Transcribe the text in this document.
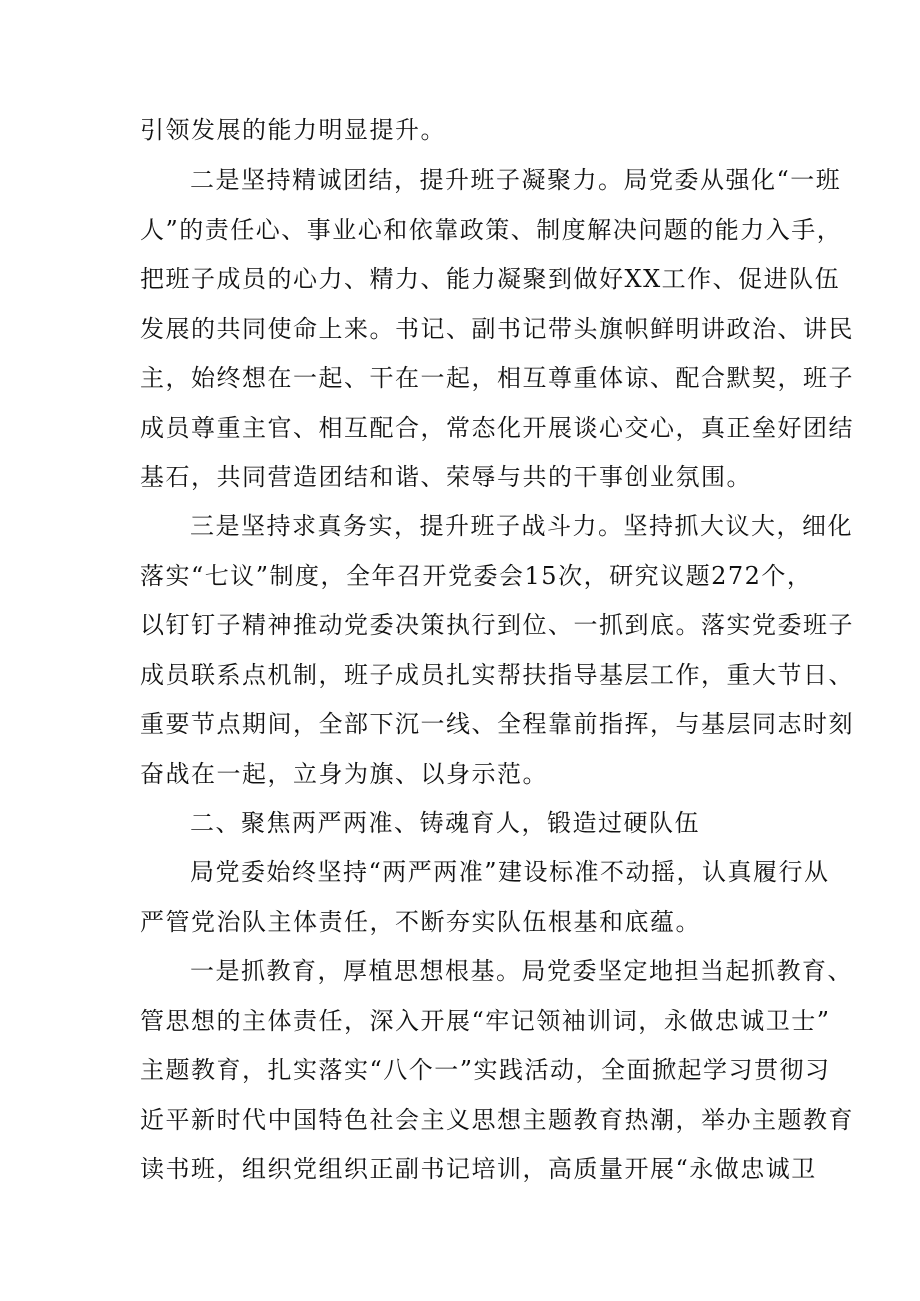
引领发展的能力明显提升。
二是坚持精诚团结，提升班子凝聚力。局党委从强化“一班
人”的责任心、事业心和依靠政策、制度解决问题的能力入手，
把班子成员的心力、精力、能力凝聚到做好XX工作、促进队伍
发展的共同使命上来。书记、副书记带头旗帜鲜明讲政治、讲民
主，始终想在一起、干在一起，相互尊重体谅、配合默契，班子
成员尊重主官、相互配合，常态化开展谈心交心，真正垒好团结
基石，共同营造团结和谐、荣辱与共的干事创业氛围。
三是坚持求真务实，提升班子战斗力。坚持抓大议大，细化
落实“七议”制度，全年召开党委会15次，研究议题272个，
以钉钉子精神推动党委决策执行到位、一抓到底。落实党委班子
成员联系点机制，班子成员扎实帮扶指导基层工作，重大节日、
重要节点期间，全部下沉一线、全程靠前指挥，与基层同志时刻
奋战在一起，立身为旗、以身示范。
二、聚焦两严两准、铸魂育人，锻造过硬队伍
局党委始终坚持“两严两准”建设标准不动摇，认真履行从
严管党治队主体责任，不断夯实队伍根基和底蕴。
一是抓教育，厚植思想根基。局党委坚定地担当起抓教育、
管思想的主体责任，深入开展“牢记领袖训词，永做忠诚卫士”
主题教育，扎实落实“八个一”实践活动，全面掀起学习贯彻习
近平新时代中国特色社会主义思想主题教育热潮，举办主题教育
读书班，组织党组织正副书记培训，高质量开展“永做忠诚卫
